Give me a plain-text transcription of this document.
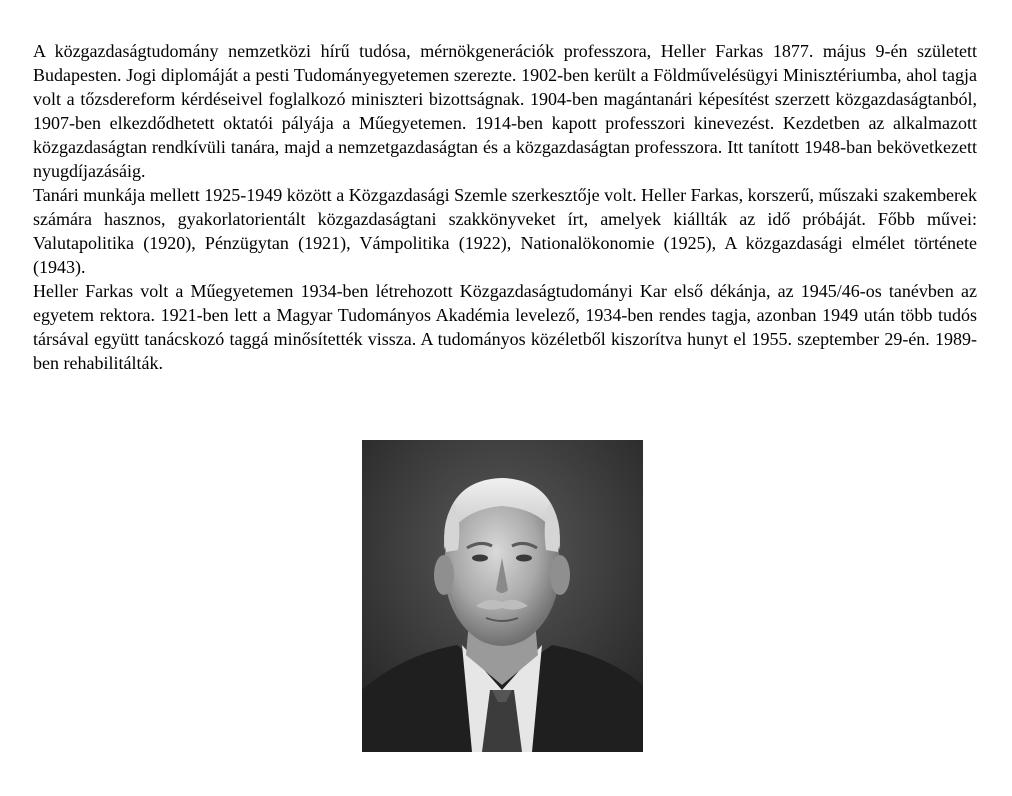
A közgazdaságtudomány nemzetközi hírű tudósa, mérnökgenerációk professzora, Heller Farkas 1877. május 9-én született Budapesten. Jogi diplomáját a pesti Tudományegyetemen szerezte. 1902-ben került a Földművelésügyi Minisztériumba, ahol tagja volt a tőzsdereform kérdéseivel foglalkozó miniszteri bizottságnak. 1904-ben magántanári képesítést szerzett közgazdaságtanból, 1907-ben elkezdődhetett oktatói pályája a Műegyetemen. 1914-ben kapott professzori kinevezést. Kezdetben az alkalmazott közgazdaságtan rendkívüli tanára, majd a nemzetgazdaságtan és a közgazdaságtan professzora. Itt tanított 1948-ban bekövetkezett nyugdíjazásáig.

Tanári munkája mellett 1925-1949 között a Közgazdasági Szemle szerkesztője volt. Heller Farkas, korszerű, műszaki szakemberek számára hasznos, gyakorlatorientált közgazdaságtani szakkönyveket írt, amelyek kiállták az idő próbáját. Főbb művei: Valutapolitika (1920), Pénzügytan (1921), Vámpolitika (1922), Nationalökonomie (1925), A közgazdasági elmélet története (1943).

Heller Farkas volt a Műegyetemen 1934-ben létrehozott Közgazdaságtudományi Kar első dékánja, az 1945/46-os tanévben az egyetem rektora. 1921-ben lett a Magyar Tudományos Akadémia levelező, 1934-ben rendes tagja, azonban 1949 után több tudós társával együtt tanácskozó taggá minősítették vissza. A tudományos közéletből kiszorítva hunyt el 1955. szeptember 29-én. 1989-ben rehabilitálták.
